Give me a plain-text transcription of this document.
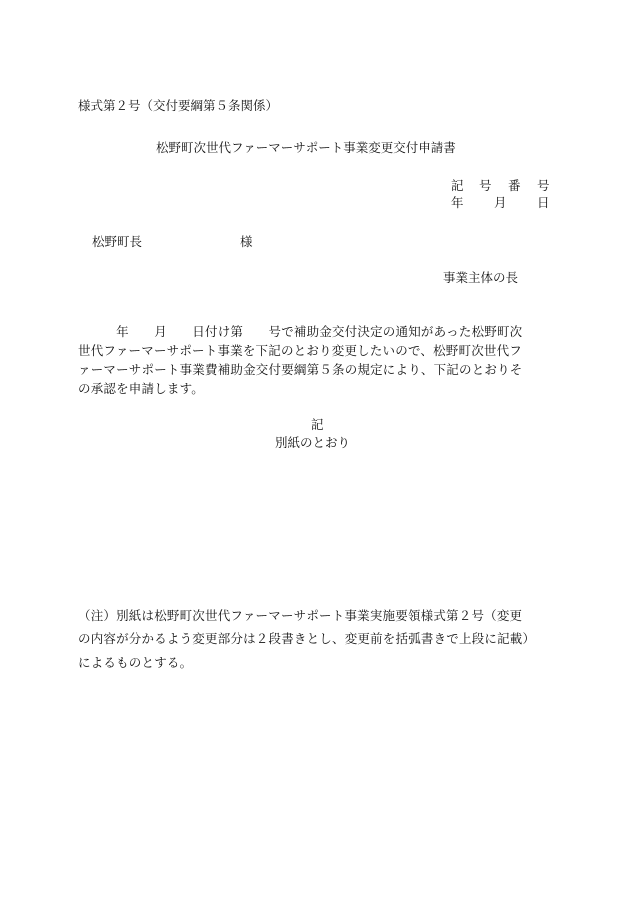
様式第２号（交付要綱第５条関係）
松野町次世代ファーマーサポート事業変更交付申請書
記 号 番 号
年 月 日
松野町長	様
事業主体の長
　　　年　　月　　日付け第　　号で補助金交付決定の通知があった松野町次
世代ファーマーサポート事業を下記のとおり変更したいので、松野町次世代フ
ァーマーサポート事業費補助金交付要綱第５条の規定により、下記のとおりそ
の承認を申請します。
記
別紙のとおり
（注）別紙は松野町次世代ファーマーサポート事業実施要領様式第２号（変更
の内容が分かるよう変更部分は２段書きとし、変更前を括弧書きで上段に記載）
によるものとする。
